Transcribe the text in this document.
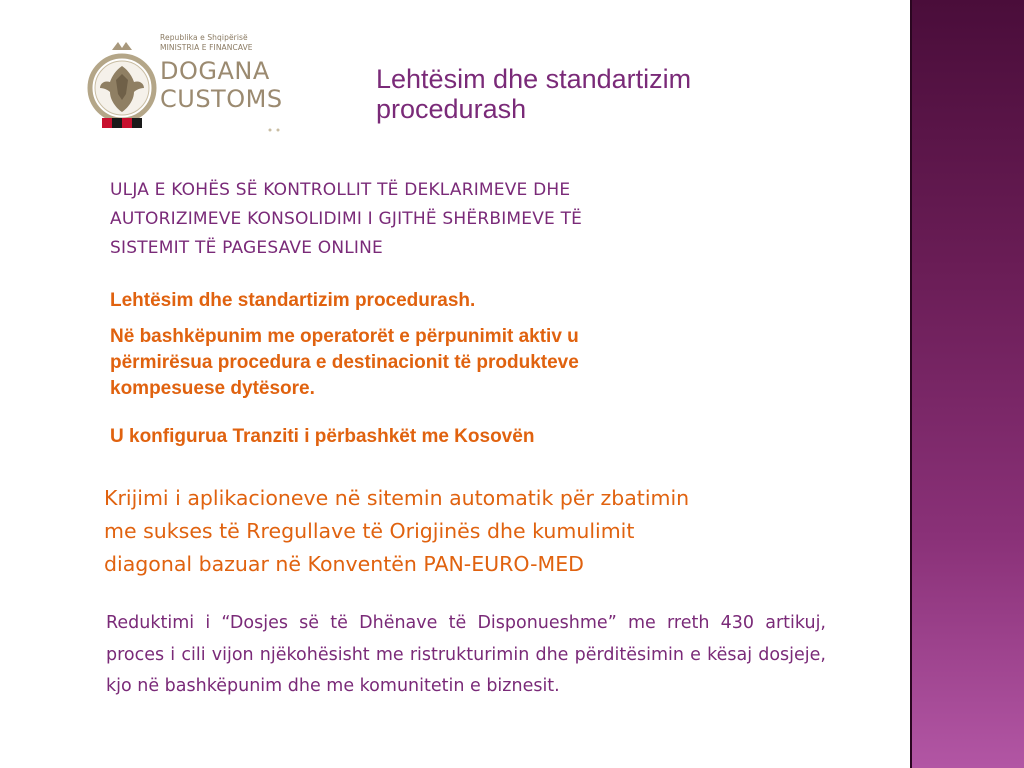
Republika e Shqipërisë
MINISTRIA E FINANCAVE
DOGANA
CUSTOMS
Lehtësim dhe standartizim
procedurash
ULJA E KOHËS SË KONTROLLIT TË DEKLARIMEVE DHE
AUTORIZIMEVE KONSOLIDIMI I GJITHË SHËRBIMEVE TË
SISTEMIT TË PAGESAVE ONLINE
Lehtësim dhe standartizim procedurash.
Në bashkëpunim me operatorët e përpunimit aktiv u
përmirësua procedura e destinacionit të produkteve
kompesuese dytësore.
U konfigurua Tranziti i përbashkët me Kosovën
Krijimi i aplikacioneve në sitemin automatik për zbatimin
me sukses të Rregullave të Origjinës dhe kumulimit
diagonal bazuar në Konventën PAN-EURO-MED
Reduktimi i “Dosjes së të Dhënave të Disponueshme” me rreth 430 artikuj, proces i cili vijon njëkohësisht me ristrukturimin dhe përditësimin e kësaj dosjeje, kjo në bashkëpunim dhe me komunitetin e biznesit.
